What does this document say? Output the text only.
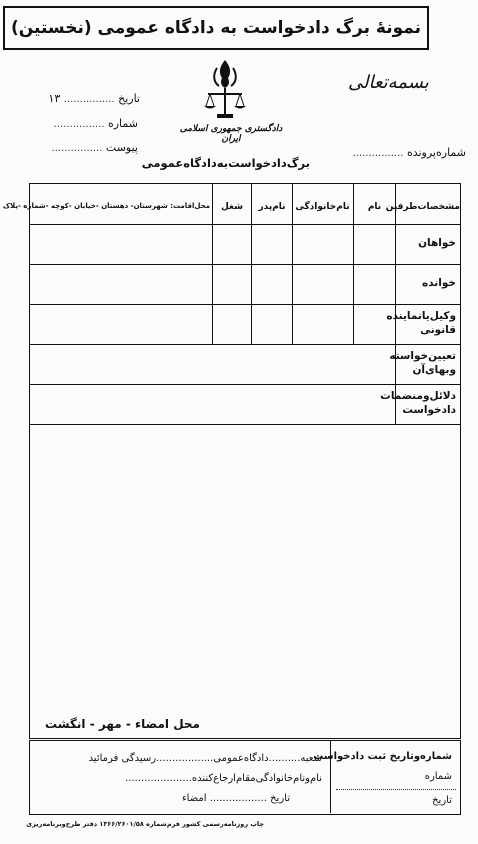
نمونهٔ برگ دادخواست به دادگاه عمومی (نخستین)
دادگستری جمهوری اسلامی ایران
بسمه‌تعالی
تاریخ ................ ۱۳
شماره ................
پیوست ................	شماره‌پرونده ................
برگ‌دادخواست‌به‌دادگاه‌عمومی
مشخصات‌طرفین
نام
نام‌خانوادگی
نام‌پدر
شغل
محل‌اقامت: شهرستان- دهستان -خیابان -کوچه -شماره -پلاک
خواهان
خوانده
وکیل‌یانماینده قانونی
تعیین‌خواسته وبهای‌آن
دلائل‌ومنضمات دادخواست
محل امضاء - مهر - انگشت
شماره‌وتاریخ ثبت دادخواست
شماره
تاریخ
شعبه..........دادگاه‌عمومی..................رسیدگی فرمائید
نام‌ونام‌خانوادگی‌مقام‌ارجاع‌کننده.....................
تاریخ .................. امضاء
چاپ روزنامه‌رسمی کشور فرم‌شماره ۱۳۶۶/۲۶۰۱/۵۸ دفتر طرح‌وبرنامه‌ریزی
